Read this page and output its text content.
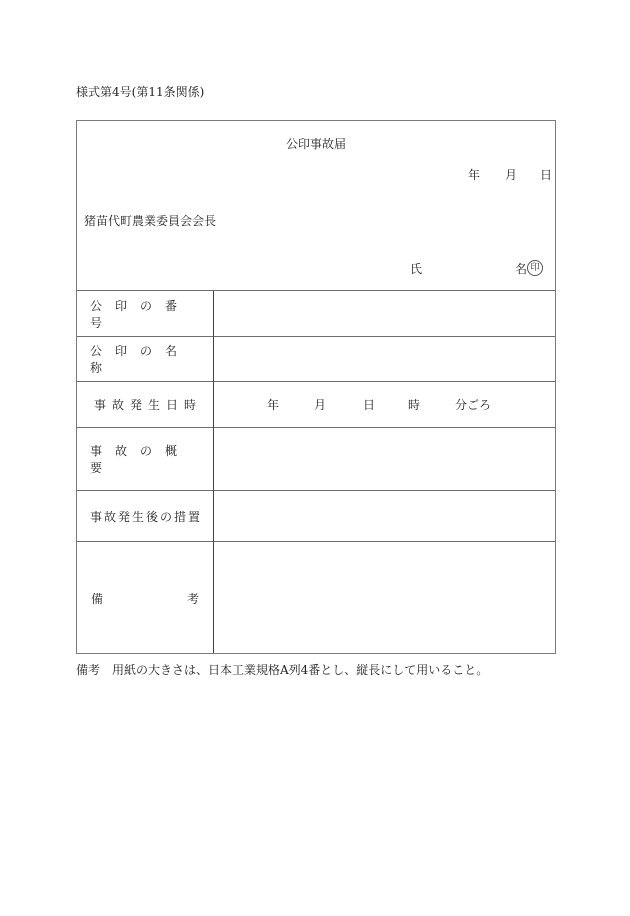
様式第4号(第11条関係)
公印事故届
年 月 日
猪苗代町農業委員会会長
氏	名 印
公印の番号
公印の名称
事故発生日時	年	月	日	時	分ごろ
事故の概要
事故発生後の措置
備	考
備考　用紙の大きさは、日本工業規格A列4番とし、縦長にして用いること。
